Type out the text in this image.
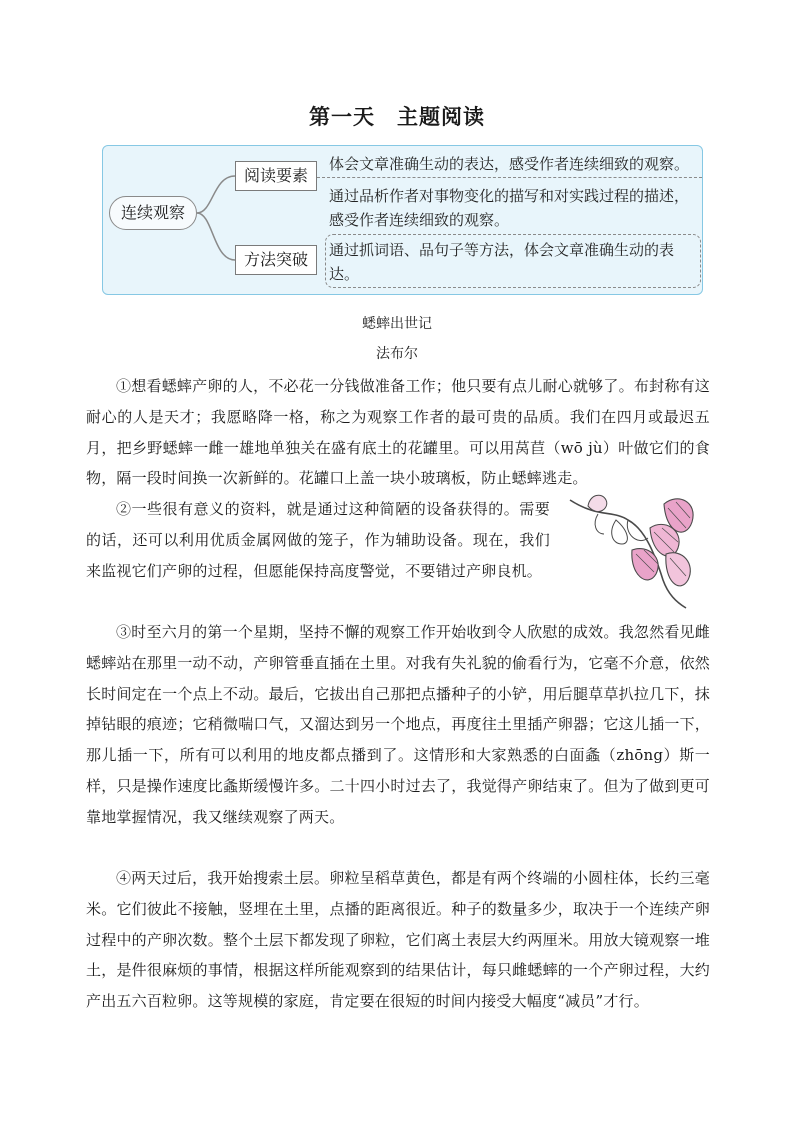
第一天　主题阅读
连续观察
阅读要素
方法突破
体会文章准确生动的表达，感受作者连续细致的观察。
通过品析作者对事物变化的描写和对实践过程的描述，感受作者连续细致的观察。
通过抓词语、品句子等方法，体会文章准确生动的表达。
蟋蟀出世记
法布尔

①想看蟋蟀产卵的人，不必花一分钱做准备工作；他只要有点儿耐心就够了。布封称有这耐心的人是天才；我愿略降一格，称之为观察工作者的最可贵的品质。我们在四月或最迟五月，把乡野蟋蟀一雌一雄地单独关在盛有底土的花罐里。可以用莴苣（wō jù）叶做它们的食物，隔一段时间换一次新鲜的。花罐口上盖一块小玻璃板，防止蟋蟀逃走。

②一些很有意义的资料，就是通过这种简陋的设备获得的。需要的话，还可以利用优质金属网做的笼子，作为辅助设备。现在，我们来监视它们产卵的过程，但愿能保持高度警觉，不要错过产卵良机。

③时至六月的第一个星期，坚持不懈的观察工作开始收到令人欣慰的成效。我忽然看见雌蟋蟀站在那里一动不动，产卵管垂直插在土里。对我有失礼貌的偷看行为，它毫不介意，依然长时间定在一个点上不动。最后，它拔出自己那把点播种子的小铲，用后腿草草扒拉几下，抹掉钻眼的痕迹；它稍微喘口气，又溜达到另一个地点，再度往土里插产卵器；它这儿插一下，那儿插一下，所有可以利用的地皮都点播到了。这情形和大家熟悉的白面螽（zhōng）斯一样，只是操作速度比螽斯缓慢许多。二十四小时过去了，我觉得产卵结束了。但为了做到更可靠地掌握情况，我又继续观察了两天。

④两天过后，我开始搜索土层。卵粒呈稻草黄色，都是有两个终端的小圆柱体，长约三毫米。它们彼此不接触，竖埋在土里，点播的距离很近。种子的数量多少，取决于一个连续产卵过程中的产卵次数。整个土层下都发现了卵粒，它们离土表层大约两厘米。用放大镜观察一堆土，是件很麻烦的事情，根据这样所能观察到的结果估计，每只雌蟋蟀的一个产卵过程，大约产出五六百粒卵。这等规模的家庭，肯定要在很短的时间内接受大幅度“减员”才行。
